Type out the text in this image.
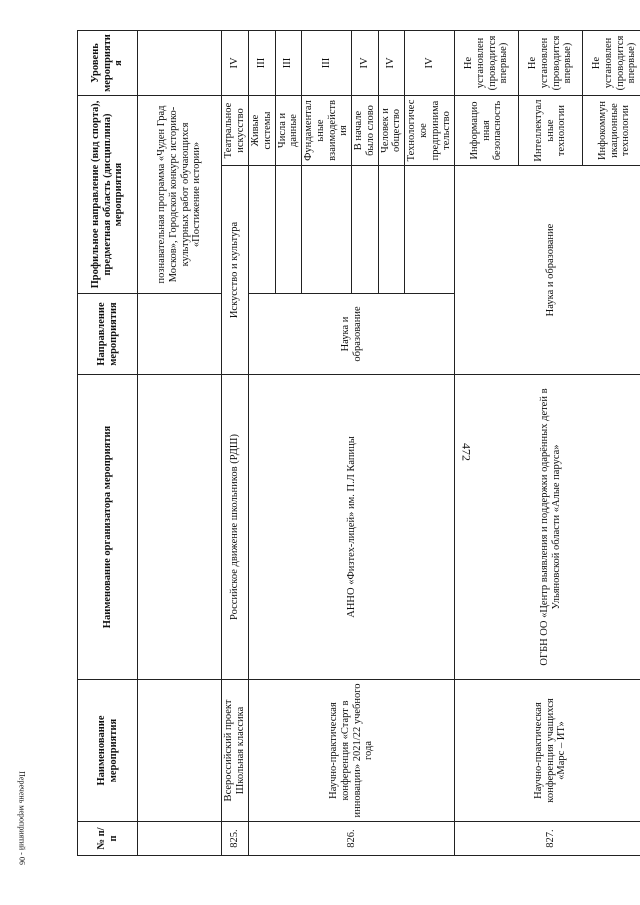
472
Перечень мероприятий - 06	№ п/п	Наименование мероприятия	Наименование организатора мероприятия	Направление мероприятия	Профильное направление (вид спорта), предметная область (дисциплина) мероприятия		Уровень мероприятия
				познавательная программа «Чуден Град Москов», Городской конкурс историко-культурных работ обучающихся «Постижение истории»		
825.	Всероссийский проект Школьная классика	Российское движение школьников (РДШ)	Искусство и культура		Театральное искусство	IV
826.	Научно-практическая конференция «Старт в инновации» 2021/22 учебного года	АННО «Физтех-лицей» им. П.Л Капицы	Наука и образование		Живые системы	III
					Числа и данные	III
					Фундаментальные взаимодействия	III
					В начале было слово	IV
					Человек и общество	IV
					Технологическое предпринимательство	IV
827.	Научно-практическая конференция учащихся «Марс – ИТ»	ОГБН ОО «Центр выявления и поддержки одарённых детей в Ульяновской области «Алые паруса»	Наука и образование		Информационная безопасность	Не установлен (проводится впервые)
					Интеллектуальные технологии	Не установлен (проводится впервые)
					Инфокоммуникационные технологии	Не установлен (проводится впервые)
